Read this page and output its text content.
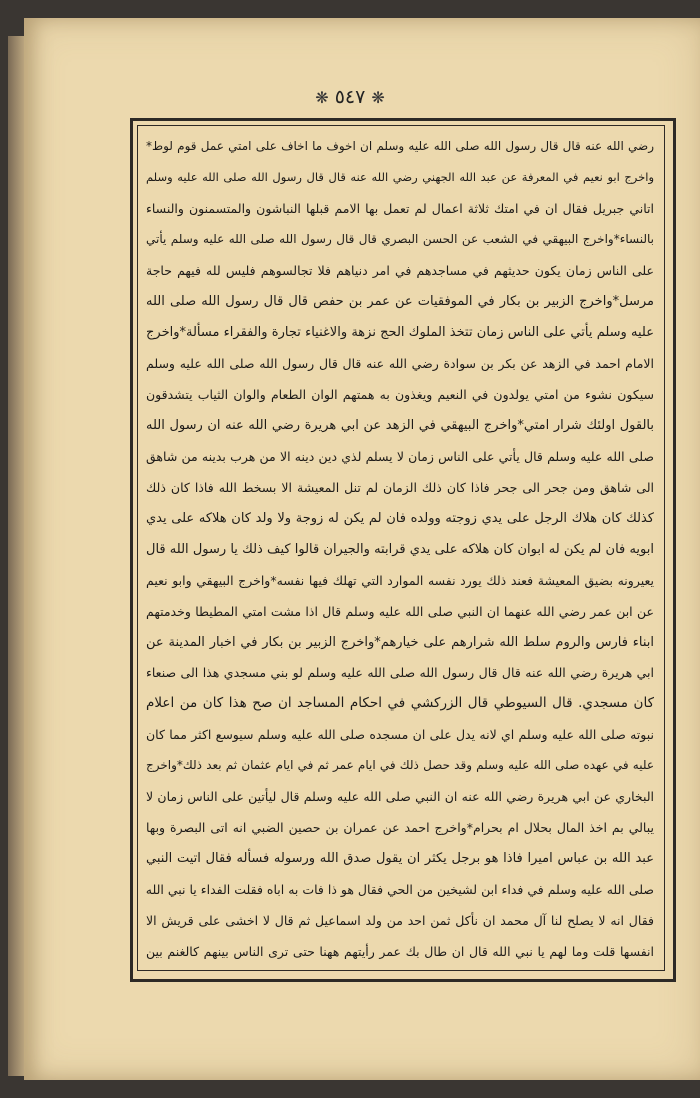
❋ ٥٤٧ ❋
رضي الله عنه قال قال رسول الله صلى الله عليه وسلم ان اخوف ما اخاف على امتي عمل قوم لوط*
واخرج ابو نعيم في المعرفة عن عبد الله الجهني رضي الله عنه قال قال رسول الله صلى الله عليه وسلم
اتاني جبريل فقال ان في امتك ثلاثة اعمال لم تعمل بها الامم قبلها النباشون والمتسمنون والنساء
بالنساء*واخرج البيهقي في الشعب عن الحسن البصري قال قال رسول الله صلى الله عليه وسلم يأتي
على الناس زمان يكون حديثهم في مساجدهم في امر دنياهم فلا تجالسوهم فليس لله فيهم حاجة
مرسل*واخرج الزبير بن بكار في الموفقيات عن عمر بن حفص قال قال رسول الله صلى الله
عليه وسلم يأتي على الناس زمان تتخذ الملوك الحج نزهة والاغنياء تجارة والفقراء مسألة*واخرج
الامام احمد في الزهد عن بكر بن سوادة رضي الله عنه قال قال رسول الله صلى الله عليه وسلم
سيكون نشوء من امتي يولدون في النعيم ويغذون به همتهم الوان الطعام والوان الثياب يتشدقون
بالقول اولئك شرار امتي*واخرج البيهقي في الزهد عن ابي هريرة رضي الله عنه ان رسول الله
صلى الله عليه وسلم قال يأتي على الناس زمان لا يسلم لذي دين دينه الا من هرب بدينه من شاهق
الى شاهق ومن جحر الى جحر فاذا كان ذلك الزمان لم تنل المعيشة الا بسخط الله فاذا كان ذلك
كذلك كان هلاك الرجل على يدي زوجته وولده فان لم يكن له زوجة ولا ولد كان هلاكه على يدي
ابويه فان لم يكن له ابوان كان هلاكه على يدي قرابته والجيران قالوا كيف ذلك يا رسول الله قال
يعيرونه بضيق المعيشة فعند ذلك يورد نفسه الموارد التي تهلك فيها نفسه*واخرج البيهقي وابو نعيم
عن ابن عمر رضي الله عنهما ان النبي صلى الله عليه وسلم قال اذا مشت امتي المطيطا وخدمتهم
ابناء فارس والروم سلط الله شرارهم على خيارهم*واخرج الزبير بن بكار في اخبار المدينة عن
ابي هريرة رضي الله عنه قال قال رسول الله صلى الله عليه وسلم لو بني مسجدي هذا الى صنعاء
كان مسجدي. قال السيوطي قال الزركشي في احكام المساجد ان صح هذا كان من اعلام
نبوته صلى الله عليه وسلم اي لانه يدل على ان مسجده صلى الله عليه وسلم سيوسع اكثر مما كان
عليه في عهده صلى الله عليه وسلم وقد حصل ذلك في ايام عمر ثم في ايام عثمان ثم بعد ذلك*واخرج
البخاري عن ابي هريرة رضي الله عنه ان النبي صلى الله عليه وسلم قال ليأتين على الناس زمان لا
يبالي بم اخذ المال بحلال ام بحرام*واخرج احمد عن عمران بن حصين الضبي انه اتى البصرة وبها
عبد الله بن عباس اميرا فاذا هو برجل يكثر ان يقول صدق الله ورسوله فسأله فقال اتيت النبي
صلى الله عليه وسلم في فداء ابن لشيخين من الحي فقال هو ذا فات به اباه فقلت الفداء يا نبي الله
فقال انه لا يصلح لنا آل محمد ان نأكل ثمن احد من ولد اسماعيل ثم قال لا اخشى على قريش الا
انفسها قلت وما لهم يا نبي الله قال ان طال بك عمر رأيتهم ههنا حتى ترى الناس بينهم كالغنم بين
